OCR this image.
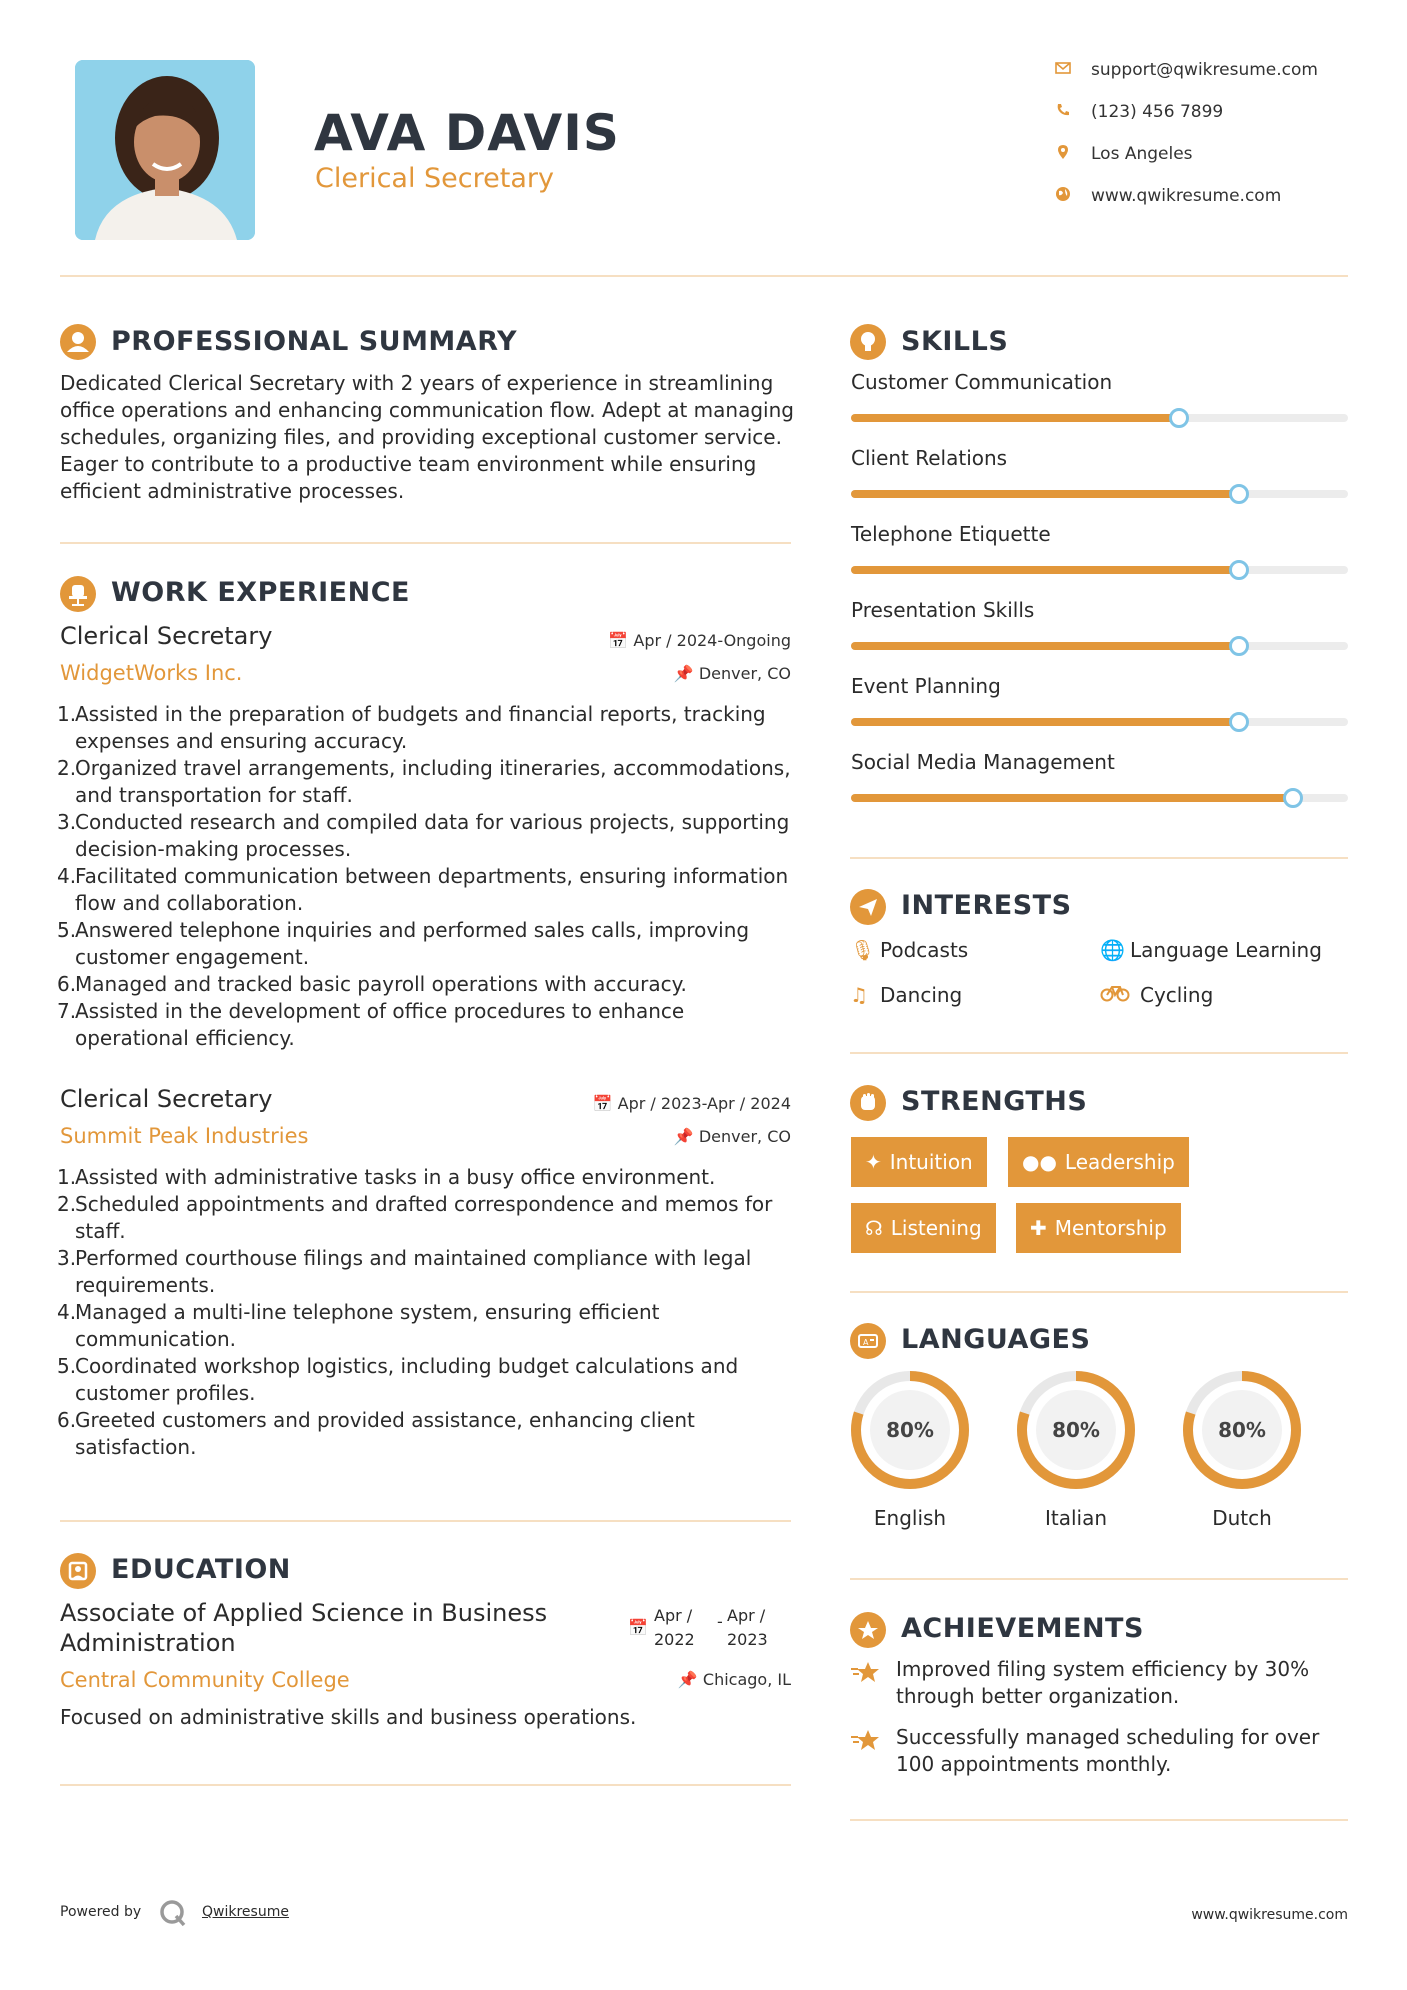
AVA DAVIS
Clerical Secretary
support@qwikresume.com
(123) 456 7899
Los Angeles
www.qwikresume.com
PROFESSIONAL SUMMARY
Dedicated Clerical Secretary with 2 years of experience in streamlining office operations and enhancing communication flow. Adept at managing schedules, organizing files, and providing exceptional customer service. Eager to contribute to a productive team environment while ensuring efficient administrative processes.
WORK EXPERIENCE
Clerical Secretary
WidgetWorks Inc.
📅 Apr / 2024-Ongoing
📌 Denver, CO
1.
Assisted in the preparation of budgets and financial reports, tracking expenses and ensuring accuracy.
2.
Organized travel arrangements, including itineraries, accommodations, and transportation for staff.
3.
Conducted research and compiled data for various projects, supporting decision-making processes.
4.
Facilitated communication between departments, ensuring information flow and collaboration.
5.
Answered telephone inquiries and performed sales calls, improving customer engagement.
6.
Managed and tracked basic payroll operations with accuracy.
7.
Assisted in the development of office procedures to enhance operational efficiency.
Clerical Secretary
Summit Peak Industries
📅 Apr / 2023-Apr / 2024
📌 Denver, CO
1.
Assisted with administrative tasks in a busy office environment.
2.
Scheduled appointments and drafted correspondence and memos for staff.
3.
Performed courthouse filings and maintained compliance with legal requirements.
4.
Managed a multi-line telephone system, ensuring efficient communication.
5.
Coordinated workshop logistics, including budget calculations and customer profiles.
6.
Greeted customers and provided assistance, enhancing client satisfaction.
EDUCATION
Associate of Applied Science in Business Administration
📅
Apr / 2022
- Apr / 2023
Central Community College	📌 Chicago, IL
Focused on administrative skills and business operations.
SKILLS
Customer Communication
Client Relations
Telephone Etiquette
Presentation Skills
Event Planning
Social Media Management
INTERESTS
🎙 Podcasts	🌐 Language Learning
♫ Dancing	Cycling
STRENGTHS
✦ Intuition	●● Leadership
☊ Listening	✚ Mentorship
A LANGUAGES
80%
English
80%
Italian
80%
Dutch
ACHIEVEMENTS
Improved filing system efficiency by 30% through better organization.
Successfully managed scheduling for over 100 appointments monthly.
Powered by	Qwikresume	www.qwikresume.com
